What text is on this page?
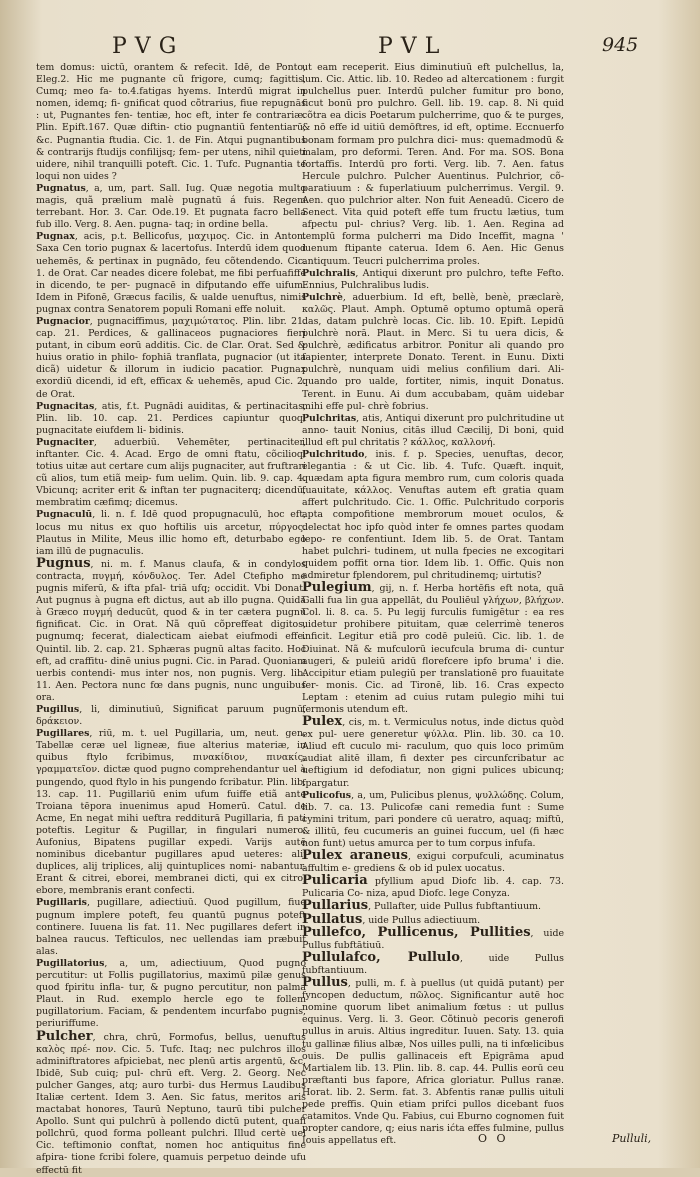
PVG	PVL	945

tem domus: uictū, orantem & refecit. Idē, de Ponto, Eleg.2. Hic me pugnante cũ frigore, cumq; fagittis, Cumq; meo fa- to.4.fatigas hyems. Interdū migrat in nomen, idemq; fi- gnificat quod cõtrarius, fiue repugnās : ut, Pugnantes fen- tentiæ, hoc eft, inter fe contrariæ. Plin. Epift.167. Quæ diftin- ctio pugnantiū fententiarū, &c. Pugnantia ftudia. Cic. 1. de Fin. Atqui pugnantibus & contrarijs ftudijs confilijsq; fem- per utens, nihil quieti uidere, nihil tranquilli poteft. Cic. 1. Tufc. Pugnantia te loqui non uides ?

Pugnatus, a, um, part. Sall. Iug. Quæ negotia multo magis, quã prælium malè pugnatū á fuis. Regem terrebant. Hor. 3. Car. Ode.19. Et pugnata facro bella fub illo. Verg. 8. Aen. pugna- taq; in ordine bella.

Pugnax, acis, p.t. Bellicofus, μαχιμος. Cic. in Anton. Saxa Cen torio pugnax & lacertofus. Interdū idem quod uehemēs, & pertinax in pugnādo, feu cõtendendo. Cic. 1. de Orat. Car neades dicere folebat, me fibi perfuafiffe in dicendo, te per- pugnacē in difputando effe uifum. Idem in Pifonē, Græcus facilis, & ualde uenuftus, nimis pugnax contra Senatorem populi Romani effe noluit.

Pugnacior, pugnaciffimus, μαχιμώτατος. Plin. libr. 21. cap. 21. Perdices, & gallinaceos pugnaciores fieri putant, in cibum eorū additis. Cic. de Clar. Orat. Sed & huius oratio in philo- fophiā tranflata, pugnacior (ut ita dicã) uidetur & illorum in iudicio pacatior. Pugnax exordiū dicendi, id eft, efficax & uehemēs, apud Cic. 2. de Orat.

Pugnacitas, atis, f.t. Pugnādi auiditas, & pertinacitas, Plin. lib. 10. cap. 21. Perdices capiuntur quoq; pugnacitate eiufdem li- bidinis.

Pugnaciter, aduerbiū. Vehemēter, pertinaciter, inftanter. Cic. 4. Acad. Ergo de omni ftatu, cõcilioq; totius uitæ aut certare cum alijs pugnaciter, aut fruftrari cũ alios, tum etiã meip- fum uelim. Quin. lib. 9. cap. 4. Vbicunq; acriter erit & inftan ter pugnaciterq; dicendū, membratim cæfimq; dicemus.

Pugnaculū, li. n. f. Idē quod propugnaculū, hoc eft, locus mu nitus ex quo hoftilis uis arcetur, πύργος. Plautus in Milite, Meus illic homo eft, deturbabo ego iam illū de pugnaculis.

Pugnus, ni. m. f. Manus claufa, & in condylos contracta, πυγμή, κόνδυλος. Ter. Adel Ctefipho me pugnis miferū, & ifta pfal- triā ufq; occidit. Vbi Donat. Aut pugnus à pugna eft dictus, aut ab illo pugna. Quidā à Græco πυγμή deducūt, quod & in ter cætera pugnū fignificat. Cic. in Orat. Nã quū cõpreffeat digitos, pugnumq; fecerat, dialecticam aiebat eiufmodi effe. Quintil. lib. 2. cap. 21. Sphæras pugnū altas facito. Hoc eft, ad craffitu- dinē unius pugni. Cic. in Parad. Quoniam uerbis contendi- mus inter nos, non pugnis. Verg. lib. 11. Aen. Pectora nunc fœ dans pugnis, nunc unguibus ora.

Pugillus, li, diminutiuū, Significat paruum pugnū, δράκειον.

Pugillares, riū, m. t. uel Pugillaria, um, neut. gen. Tabellæ ceræ uel ligneæ, fiue alterius materiæ, in quibus ftylo fcribimus, πινακίδιον, πινακίς, γραμματεῖον. dictæ quod pugno comprehendantur uel à pungendo, quod ftylo in his pungendo fcribatur. Plin. lib. 13. cap. 11. Pugillariū enim ufum fuiffe etiã ante Troiana tēpora inuenimus apud Homerū. Catul. de Acme, En negat mihi ueftra redditurā Pugillaria, fi pati poteftis. Legitur & Pugillar, in fingulari numero. Aufonius, Bipatens pugillar expedi. Varijs autē nominibus dicebantur pugillares apud ueteres: alij duplices, alij triplices, alij quintuplices nomi- nabantur. Erant & citrei, eborei, membranei dicti, qui ex citro, ebore, membranis erant confecti.

Pugillaris, pugillare, adiectiuū. Quod pugillum, fiue pugnum implere poteft, feu quantū pugnus poteft continere. Iuuena lis fat. 11. Nec pugillares defert in balnea raucus. Tefticulos, nec uellendas iam præbuit alas.

Pugillatorius, a, um, adiectiuum, Quod pugno percutitur: ut Follis pugillatorius, maximū pilæ genus quod fpiritu infla- tur, & pugno percutitur, non palma Plaut. in Rud. exemplo hercle ego te follem pugillatorium. Faciam, & pendentem incurfabo pugnis, periuriffume.

Pulcher, chra, chrū, Formofus, bellus, uenuftus καλὸς πρέ- πον. Cic. 5. Tufc. Itaq; nec pulchros illos adminiftratores afpiciebat, nec plenū artis argentū, &c. Ibidē, Sub cuiq; pul- chrū eft. Verg. 2. Georg. Nec pulcher Ganges, atq; auro turbi- dus Hermus Laudibus Italiæ certent. Idem 3. Aen. Sic fatus, meritos aris mactabat honores, Taurū Neptuno, taurū tibi pulcher Apollo. Sunt qui pulchrū à pollendo dictū putent, quafi pollchrū, quod forma polleant pulchri. Illud certè uel Cic. teftimonio conftat, nomen hoc antiquitus fine afpira- tione fcribi folere, quamuis perpetuo deinde ufu effectū fit

ut eam receperit. Eius diminutiuū eft pulchellus, la, lum. Cic. Attic. lib. 10. Redeo ad altercationem : furgit pulchellus puer. Interdū pulcher fumitur pro bono, ficut bonū pro pulchro. Gell. lib. 19. cap. 8. Ni quid cõtra ea dicis Poetarum pulcherrime, quo & te purges, & nō effe id uitiū demōftres, id eft, optime. Eccnuerfo bonam formam pro pulchra dici- mus: quemadmodū & malam, pro deformi. Teren. And. For ma. SOS. Bona fortaffis. Interdū pro forti. Verg. lib. 7. Aen. fatus Hercule pulchro. Pulcher Auentinus. Pulchrior, cõ- paratiuum : & fuperlatiuum pulcherrimus. Vergil. 9. Aen. quo pulchrior alter. Non fuit Aeneadū. Cicero de Senect. Vita quid poteft effe tum fructu lætius, tum afpectu pul- chrius? Verg. lib. 1. Aen. Regina ad templū forma pulcherri ma Dido Inceffit, magna ' iuenum ftipante caterua. Idem 6. Aen. Hic Genus antiquum. Teucri pulcherrima proles.

Pulchralis, Antiqui dixerunt pro pulchro, tefte Fefto. Ennius, Pulchralibus ludis.

Pulchrè, aduerbium. Id eft, bellè, benè, præclarè, καλῶς. Plaut. Amph. Optumē optumo optumā operā das, datam pulchrè locas. Cic. lib. 10. Epift. Lepidū pulchrè norā. Plaut. in Merc. Si tu uera dicis, & pulchrè, ædificatus arbitror. Ponitur ali quando pro fapienter, interprete Donato. Terent. in Eunu. Dixti pulchrè, nunquam uidi melius confilium dari. Ali- quando pro ualde, fortiter, nimis, inquit Donatus. Terent. in Eunu. Ai dum accubabam, quām uidebar mihi effe pul- chrè fobrius.

Pulchritas, atis, Antiqui dixerunt pro pulchritudine ut anno- tauit Nonius, citās illud Cæcilij, Di boni, quid illud eft pul chritatis ? κάλλος, καλλονή.

Pulchritudo, inis. f. p. Species, uenuftas, decor, elegantia : & ut Cic. lib. 4. Tufc. Quæft. inquit, quædam apta figura membro rum, cum coloris quada fuauitate, κάλλος. Venuftas autem eft gratia quam affert pulchritudo. Cic. 1. Offic. Pulchritudo corporis apta compofitione membrorum mouet oculos, & delectat hoc ipfo quòd inter fe omnes partes quodam lepo- re confentiunt. Idem lib. 5. de Orat. Tantam habet pulchri- tudinem, ut nulla fpecies ne excogitari quidem poffit orna tior. Idem lib. 1. Offic. Quis non admiretur fplendorem, pul chritudinemq; uirtutis?

Pulegium, gij, n. f. Herba hortēfis eft nota, quā Galli fua lin gua appellāt, du Pouliēul γλήχων, βλήχων. Col. li. 8. ca. 5. Pu legij furculis fumigētur : ea res uidetur prohibere pituitam, quæ celerrimè teneros inficit. Legitur etiã pro codē puleiū. Cic. lib. 1. de Diuinat. Nã & mufculorū iecufcula bruma di- cuntur augeri, & puleiū aridū florefcere ipfo bruma' i die. Accipitur etiam pulegiū per translationē pro fuauitate fer- monis. Cic. ad Tironē, lib. 16. Cras expecto Leptam : etenim ad cuius rutam pulegio mihi tui fermonis utendum eft.

Pulex, cis, m. t. Vermiculus notus, inde dictus quòd ex pul- uere generetur ψύλλα. Plin. lib. 30. ca 10. Aliud eft cuculo mi- raculum, quo quis loco primūm audiat alitē illam, fi dexter pes circunfcribatur ac ueftigium id defodiatur, non gigni pulices ubicunq; fpargatur.

Pulicofus, a, um, Pulicibus plenus, ψυλλώδης. Colum, lib. 7. ca. 13. Pulicofæ cani remedia funt : Sume cymini tritum, pari pondere cū ueratro, aquaq; miftū, & illitū, feu cucumeris an guinei fuccum, uel (fi hæc non funt) uetus amurca per to tum corpus infufa.

Pulex araneus, exigui corpufculi, acuminatus affultim e- grediens & ob id pulex uocatus.

Pulicaria pfyllium apud Diofc lib. 4. cap. 73. Pulicaria Co- niza, apud Diofc. lege Conyza.

Pullarius, Pullafter, uide Pullus fubftantiuum.

Pullatus, uide Pullus adiectiuum.

Pullefco, Pullicenus, Pullities, uide Pullus fubftātiuū.

Pullulafco, Pullulo, uide Pullus fubftantiuum.

Pullus, pulli, m. f. à puellus (ut quidā putant) per fyncopen deductum, πῶλος. Significantur autē hoc nomine quorum libet animalium fœtus : ut pullus equinus. Verg. li. 3. Geor. Cõtinuò pecoris generofi pullus in aruis. Altius ingreditur. Iuuen. Saty. 13. quia tu gallinæ filius albæ, Nos uilles pulli, na ti infœlicibus ouis. De pullis gallinaceis eft Epigrāma apud Martialem lib. 13. Plin. lib. 8. cap. 44. Pullis eorū ceu præftanti bus fapore, Africa gloriatur. Pullus ranæ. Horat. lib. 2. Serm. fat. 3. Abfentis ranæ pullis uituli pede preffis. Quin etiam prifci pullos dicebant fuos catamitos. Vnde Qu. Fabius, cui Eburno cognomen fuit propter candore, q; eius naris ićta effes fulmine, pullus Iouis appellatus eft.	O O	Pulluli,
